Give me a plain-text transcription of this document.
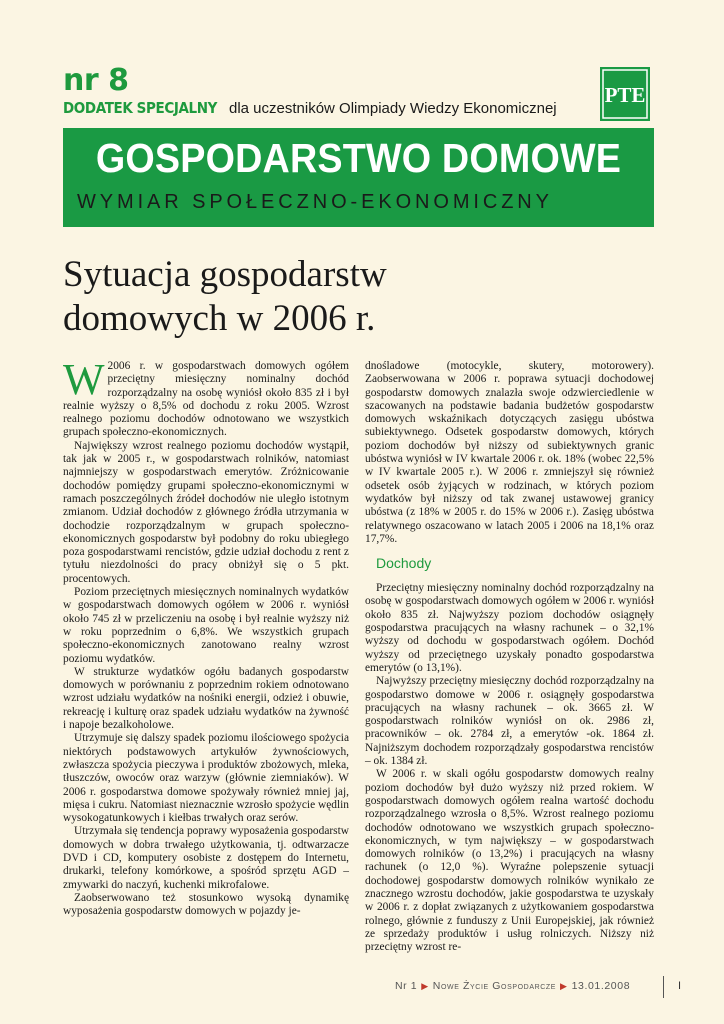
nr 8
DODATEK SPECJALNY dla uczestników Olimpiady Wiedzy Ekonomicznej
PTE
GOSPODARSTWO DOMOWE
WYMIAR SPOŁECZNO-EKONOMICZNY
Sytuacja gospodarstw
domowych w 2006 r.
W 2006 r. w gospodarstwach domowych ogółem przeciętny miesięczny nominalny dochód rozporządzalny na osobę wyniósł około 835 zł i był realnie wyższy o 8,5% od dochodu z roku 2005. Wzrost realnego poziomu dochodów odnotowano we wszystkich grupach społeczno-ekonomicznych.

Największy wzrost realnego poziomu dochodów wystąpił, tak jak w 2005 r., w gospodarstwach rolników, natomiast najmniejszy w gospodarstwach emerytów. Zróżnicowanie dochodów pomiędzy grupami społeczno-ekonomicznymi w ramach poszczególnych źródeł dochodów nie uległo istotnym zmianom. Udział dochodów z głównego źródła utrzymania w dochodzie rozporządzalnym w grupach społeczno-ekonomicznych gospodarstw był podobny do roku ubiegłego poza gospodarstwami rencistów, gdzie udział dochodu z rent z tytułu niezdolności do pracy obniżył się o 5 pkt. procentowych.

Poziom przeciętnych miesięcznych nominalnych wydatków w gospodarstwach domowych ogółem w 2006 r. wyniósł około 745 zł w przeliczeniu na osobę i był realnie wyższy niż w roku poprzednim o 6,8%. We wszystkich grupach społeczno-ekonomicznych zanotowano realny wzrost poziomu wydatków.

W strukturze wydatków ogółu badanych gospodarstw domowych w porównaniu z poprzednim rokiem odnotowano wzrost udziału wydatków na nośniki energii, odzież i obuwie, rekreację i kulturę oraz spadek udziału wydatków na żywność i napoje bezalkoholowe.

Utrzymuje się dalszy spadek poziomu ilościowego spożycia niektórych podstawowych artykułów żywnościowych, zwłaszcza spożycia pieczywa i produktów zbożowych, mleka, tłuszczów, owoców oraz warzyw (głównie ziemniaków). W 2006 r. gospodarstwa domowe spożywały również mniej jaj, mięsa i cukru. Natomiast nieznacznie wzrosło spożycie wędlin wysokogatunkowych i kiełbas trwałych oraz serów.

Utrzymała się tendencja poprawy wyposażenia gospodarstw domowych w dobra trwałego użytkowania, tj. odtwarzacze DVD i CD, komputery osobiste z dostępem do Internetu, drukarki, telefony komórkowe, a spośród sprzętu AGD – zmywarki do naczyń, kuchenki mikrofalowe.

Zaobserwowano też stosunkowo wysoką dynamikę wyposażenia gospodarstw domowych w pojazdy je-

dnośladowe (motocykle, skutery, motorowery). Zaobserwowana w 2006 r. poprawa sytuacji dochodowej gospodarstw domowych znalazła swoje odzwierciedlenie w szacowanych na podstawie badania budżetów gospodarstw domowych wskaźnikach dotyczących zasięgu ubóstwa subiektywnego. Odsetek gospodarstw domowych, których poziom dochodów był niższy od subiektywnych granic ubóstwa wyniósł w IV kwartale 2006 r. ok. 18% (wobec 22,5% w IV kwartale 2005 r.). W 2006 r. zmniejszył się również odsetek osób żyjących w rodzinach, w których poziom wydatków był niższy od tak zwanej ustawowej granicy ubóstwa (z 18% w 2005 r. do 15% w 2006 r.). Zasięg ubóstwa relatywnego oszacowano w latach 2005 i 2006 na 18,1% oraz 17,7%.

Dochody

Przeciętny miesięczny nominalny dochód rozporządzalny na osobę w gospodarstwach domowych ogółem w 2006 r. wyniósł około 835 zł. Najwyższy poziom dochodów osiągnęły gospodarstwa pracujących na własny rachunek – o 32,1% wyższy od dochodu w gospodarstwach ogółem. Dochód wyższy od przeciętnego uzyskały ponadto gospodarstwa emerytów (o 13,1%).

Najwyższy przeciętny miesięczny dochód rozporządzalny na gospodarstwo domowe w 2006 r. osiągnęły gospodarstwa pracujących na własny rachunek – ok. 3665 zł. W gospodarstwach rolników wyniósł on ok. 2986 zł, pracowników – ok. 2784 zł, a emerytów -ok. 1864 zł. Najniższym dochodem rozporządzały gospodarstwa rencistów – ok. 1384 zł.

W 2006 r. w skali ogółu gospodarstw domowych realny poziom dochodów był dużo wyższy niż przed rokiem. W gospodarstwach domowych ogółem realna wartość dochodu rozporządzalnego wzrosła o 8,5%. Wzrost realnego poziomu dochodów odnotowano we wszystkich grupach społeczno-ekonomicznych, w tym największy – w gospodarstwach domowych rolników (o 13,2%) i pracujących na własny rachunek (o 12,0 %). Wyraźne polepszenie sytuacji dochodowej gospodarstw domowych rolników wynikało ze znacznego wzrostu dochodów, jakie gospodarstwa te uzyskały w 2006 r. z dopłat związanych z użytkowaniem gospodarstwa rolnego, głównie z funduszy z Unii Europejskiej, jak również ze sprzedaży produktów i usług rolniczych. Niższy niż przeciętny wzrost re-

Nr 1 ▶ Nowe Życie Gospodarcze ▶ 13.01.2008	I
